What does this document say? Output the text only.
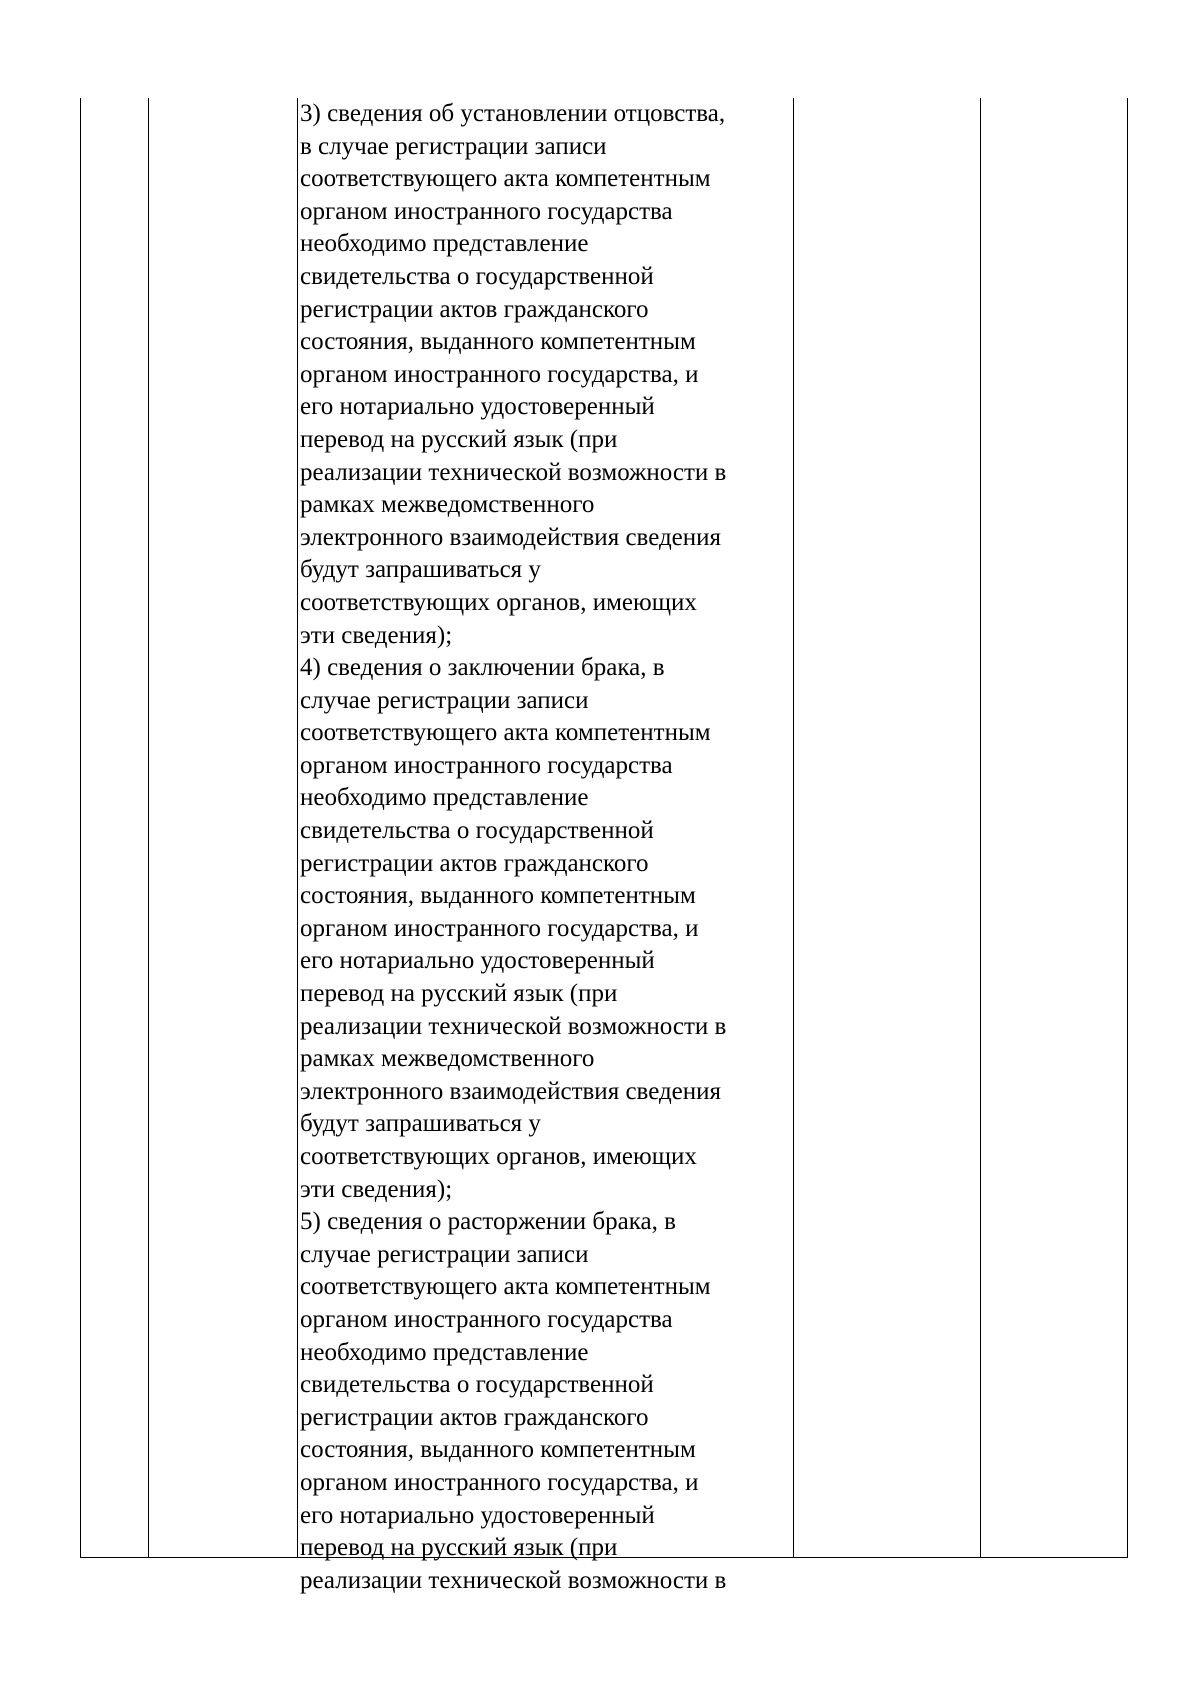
3) сведения об установлении отцовства,
в случае регистрации записи
соответствующего акта компетентным
органом иностранного государства
необходимо представление
свидетельства о государственной
регистрации актов гражданского
состояния, выданного компетентным
органом иностранного государства, и
его нотариально удостоверенный
перевод на русский язык (при
реализации технической возможности в
рамках межведомственного
электронного взаимодействия сведения
будут запрашиваться у
соответствующих органов, имеющих
эти сведения);
4) сведения о заключении брака, в
случае регистрации записи
соответствующего акта компетентным
органом иностранного государства
необходимо представление
свидетельства о государственной
регистрации актов гражданского
состояния, выданного компетентным
органом иностранного государства, и
его нотариально удостоверенный
перевод на русский язык (при
реализации технической возможности в
рамках межведомственного
электронного взаимодействия сведения
будут запрашиваться у
соответствующих органов, имеющих
эти сведения);
5) сведения о расторжении брака, в
случае регистрации записи
соответствующего акта компетентным
органом иностранного государства
необходимо представление
свидетельства о государственной
регистрации актов гражданского
состояния, выданного компетентным
органом иностранного государства, и
его нотариально удостоверенный
перевод на русский язык (при
реализации технической возможности в
